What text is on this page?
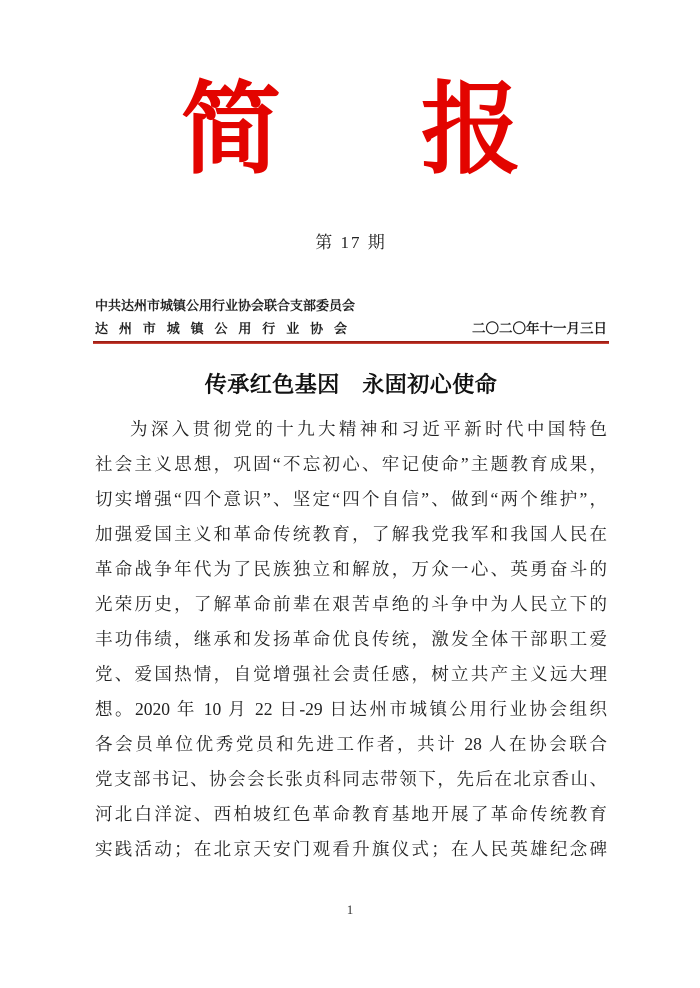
简 报
第 17 期
中共达州市城镇公用行业协会联合支部委员会
达州市城镇公用行业协会	二〇二〇年十一月三日
传承红色基因　永固初心使命
为深入贯彻党的十九大精神和习近平新时代中国特色
社会主义思想，巩固“不忘初心、牢记使命”主题教育成果，
切实增强“四个意识”、坚定“四个自信”、做到“两个维护”，
加强爱国主义和革命传统教育，了解我党我军和我国人民在
革命战争年代为了民族独立和解放，万众一心、英勇奋斗的
光荣历史，了解革命前辈在艰苦卓绝的斗争中为人民立下的
丰功伟绩，继承和发扬革命优良传统，激发全体干部职工爱
党、爱国热情，自觉增强社会责任感，树立共产主义远大理
想。2020 年 10 月 22 日-29 日达州市城镇公用行业协会组织
各会员单位优秀党员和先进工作者，共计 28 人在协会联合
党支部书记、协会会长张贞科同志带领下，先后在北京香山、
河北白洋淀、西柏坡红色革命教育基地开展了革命传统教育
实践活动；在北京天安门观看升旗仪式；在人民英雄纪念碑
1
